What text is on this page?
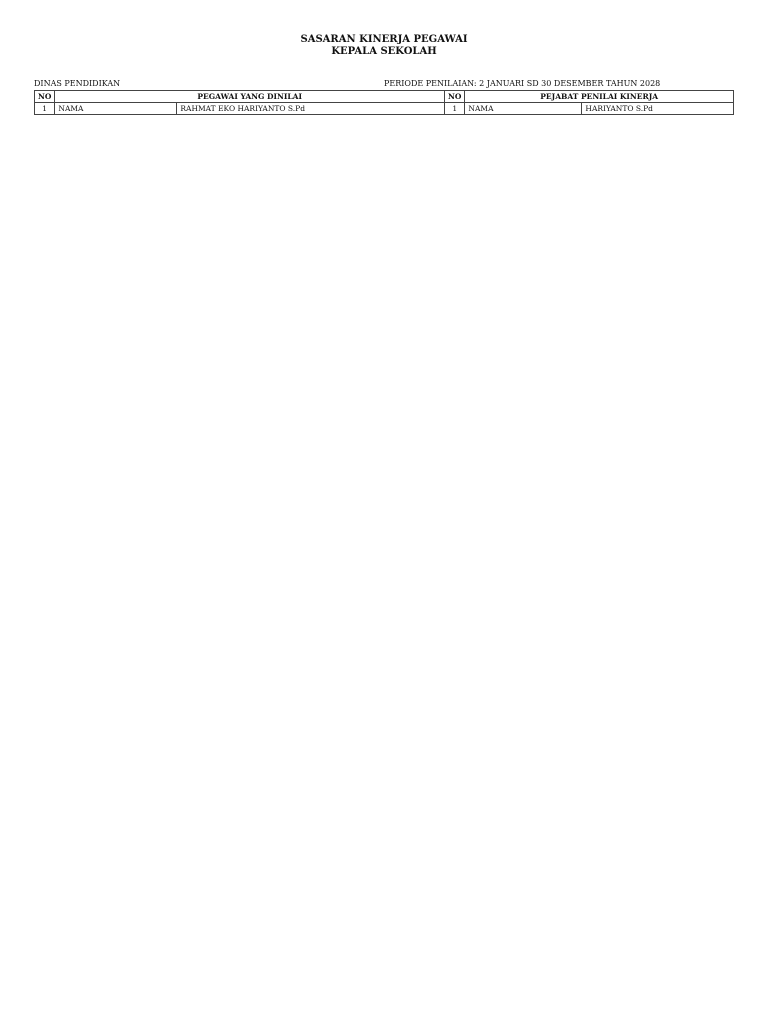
SASARAN KINERJA PEGAWAI
KEPALA SEKOLAH
DINAS PENDIDIKAN	PERIODE PENILAIAN: 2 JANUARI SD 30 DESEMBER TAHUN 2028
NO	PEGAWAI YANG DINILAI		NO	PEJABAT PENILAI KINERJA	
1	NAMA	RAHMAT EKO HARIYANTO S.Pd	1	NAMA	HARIYANTO S.Pd
